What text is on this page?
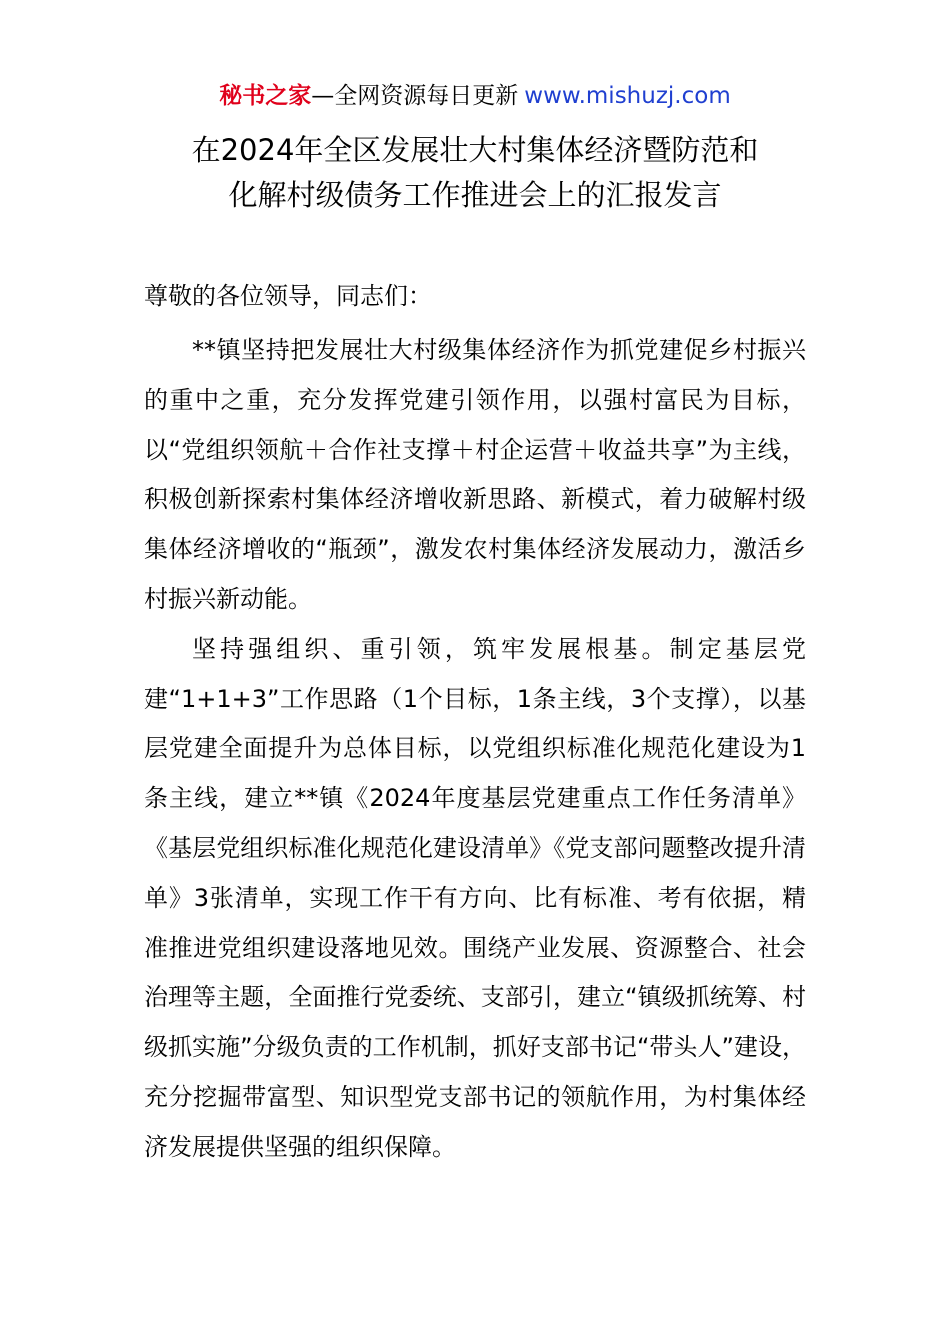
秘书之家—全网资源每日更新 www.mishuzj.com
在2024年全区发展壮大村集体经济暨防范和
化解村级债务工作推进会上的汇报发言

尊敬的各位领导，同志们：

**镇坚持把发展壮大村级集体经济作为抓党建促乡村振兴的重中之重，充分发挥党建引领作用，以强村富民为目标，以“党组织领航＋合作社支撑＋村企运营＋收益共享”为主线，积极创新探索村集体经济增收新思路、新模式，着力破解村级集体经济增收的“瓶颈”，激发农村集体经济发展动力，激活乡村振兴新动能。

坚持强组织、重引领，筑牢发展根基。制定基层党建“1+1+3”工作思路（1个目标，1条主线，3个支撑），以基层党建全面提升为总体目标，以党组织标准化规范化建设为1条主线，建立**镇《2024年度基层党建重点工作任务清单》《基层党组织标准化规范化建设清单》《党支部问题整改提升清单》3张清单，实现工作干有方向、比有标准、考有依据，精准推进党组织建设落地见效。围绕产业发展、资源整合、社会治理等主题，全面推行党委统、支部引，建立“镇级抓统筹、村级抓实施”分级负责的工作机制，抓好支部书记“带头人”建设，充分挖掘带富型、知识型党支部书记的领航作用，为村集体经济发展提供坚强的组织保障。
